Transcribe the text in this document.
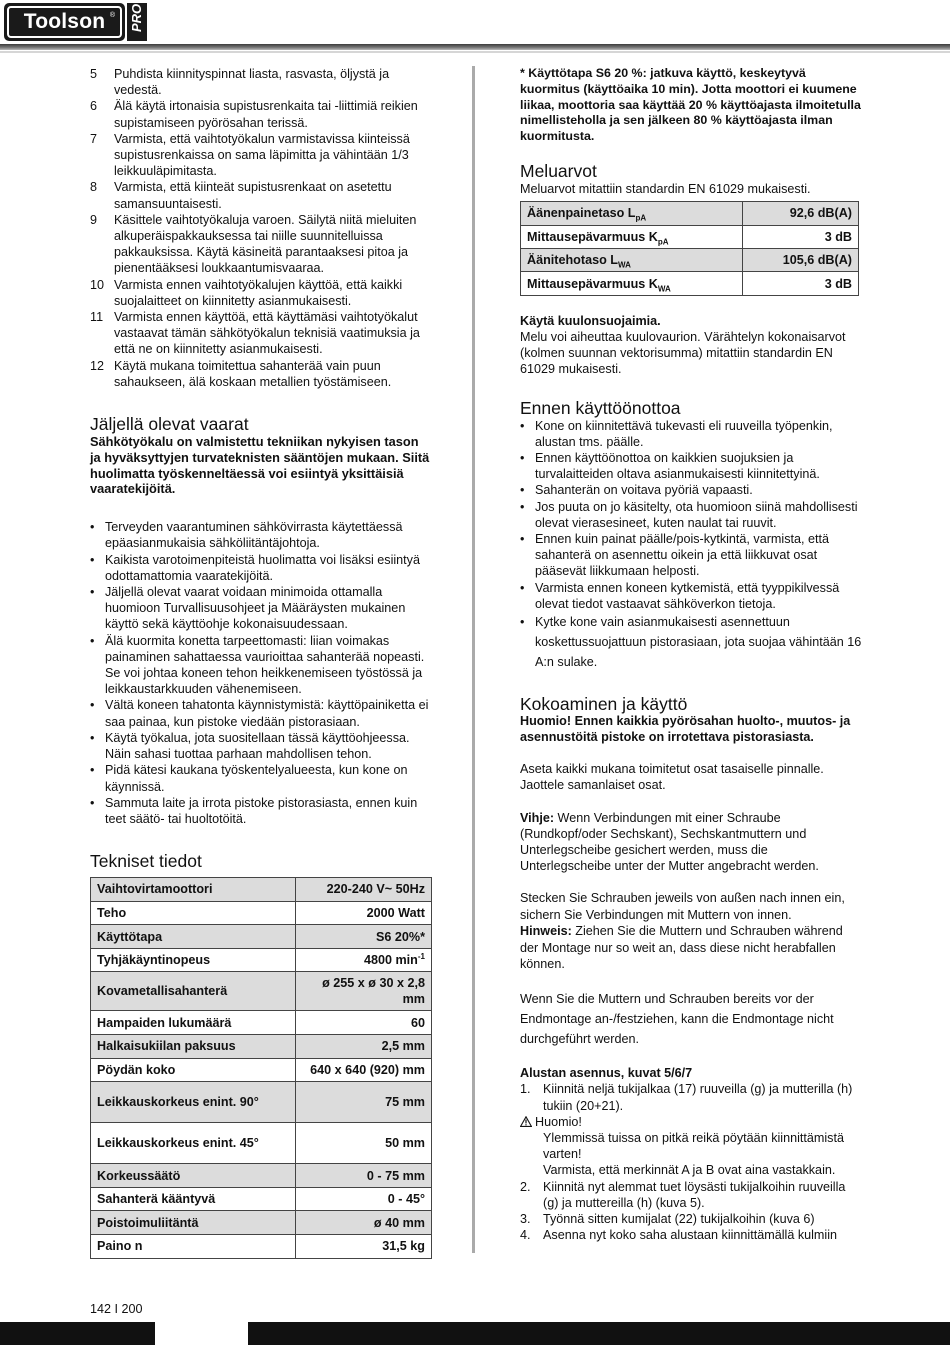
Toolson ® PRO
5 Puhdista kiinnityspinnat liasta, rasvasta, öljystä ja vedestä.
6 Älä käytä irtonaisia supistusrenkaita tai -liittimiä reikien supistamiseen pyörösahan terissä.
7 Varmista, että vaihtotyökalun varmistavissa kiinteissä supistusrenkaissa on sama läpimitta ja vähintään 1/3 leikkuuläpimitasta.
8 Varmista, että kiinteät supistusrenkaat on asetettu samansuuntaisesti.
9 Käsittele vaihtotyökaluja varoen. Säilytä niitä mieluiten alkuperäispakkauksessa tai niille suunnitelluissa pakkauksissa. Käytä käsineitä parantaaksesi pitoa ja pienentääksesi loukkaantumisvaaraa.
10 Varmista ennen vaihtotyökalujen käyttöä, että kaikki suojalaitteet on kiinnitetty asianmukaisesti.
11 Varmista ennen käyttöä, että käyttämäsi vaihtotyökalut vastaavat tämän sähkötyökalun teknisiä vaatimuksia ja että ne on kiinnitetty asianmukaisesti.
12 Käytä mukana toimitettua sahanterää vain puun sahaukseen, älä koskaan metallien työstämiseen.
Jäljellä olevat vaarat

Sähkötyökalu on valmistettu tekniikan nykyisen tason ja hyväksyttyjen turvateknisten sääntöjen mukaan. Siitä huolimatta työskenneltäessä voi esiintyä yksittäisiä vaaratekijöitä.

• Terveyden vaarantuminen sähkövirrasta käytettäessä epäasianmukaisia sähköliitäntäjohtoja.
• Kaikista varotoimenpiteistä huolimatta voi lisäksi esiintyä odottamattomia vaaratekijöitä.
• Jäljellä olevat vaarat voidaan minimoida ottamalla huomioon Turvallisuusohjeet ja Määräysten mukainen käyttö sekä käyttöohje kokonaisuudessaan.
• Älä kuormita konetta tarpeettomasti: liian voimakas painaminen sahattaessa vaurioittaa sahanterää nopeasti. Se voi johtaa koneen tehon heikkenemiseen työstössä ja leikkaustarkkuuden vähenemiseen.
• Vältä koneen tahatonta käynnistymistä: käyttöpainiketta ei saa painaa, kun pistoke viedään pistorasiaan.
• Käytä työkalua, jota suositellaan tässä käyttöohjeessa. Näin sahasi tuottaa parhaan mahdollisen tehon.
• Pidä kätesi kaukana työskentelyalueesta, kun kone on käynnissä.
• Sammuta laite ja irrota pistoke pistorasiasta, ennen kuin teet säätö- tai huoltotöitä.
Tekniset tiedot
Vaihtovirtamoottori	220-240 V~ 50Hz
Teho	2000 Watt
Käyttötapa	S6 20%*
Tyhjäkäyntinopeus	4800 $\min^{-1}$
Kovametallisahanterä	ø 255 x ø 30 x 2,8 mm
Hampaiden lukumäärä	60
Halkaisukiilan paksuus	2,5 mm
Pöydän koko	640 x 640 (920) mm
Leikkauskorkeus enint. 90°	75 mm
Leikkauskorkeus enint. 45°	50 mm
Korkeussäätö	0 - 75 mm
Sahanterä kääntyvä	0 - 45°
Poistoimuliitäntä	ø 40 mm
Paino n	31,5 kg

* Käyttötapa S6 20 %: jatkuva käyttö, keskeytyvä kuormitus (käyttöaika 10 min). Jotta moottori ei kuumene liikaa, moottoria saa käyttää 20 % käyttöajasta ilmoitetulla nimellisteholla ja sen jälkeen 80 % käyttöajasta ilman kuormitusta.

Meluarvot

Meluarvot mitattiin standardin EN 61029 mukaisesti.

Äänenpainetaso $L_{pA}$	92,6 dB(A)
Mittausepävarmuus $K_{pA}$	3 dB
Äänitehotaso $L_{WA}$	105,6 dB(A)
Mittausepävarmuus $K_{WA}$	3 dB

Käytä kuulonsuojaimia.

Melu voi aiheuttaa kuulovaurion. Värähtelyn kokonaisarvot (kolmen suunnan vektorisumma) mitattiin standardin EN 61029 mukaisesti.

Ennen käyttöönottoa
• Kone on kiinnitettävä tukevasti eli ruuveilla työpenkin, alustan tms. päälle.
• Ennen käyttöönottoa on kaikkien suojuksien ja turvalaitteiden oltava asianmukaisesti kiinnitettyinä.
• Sahanterän on voitava pyöriä vapaasti.
• Jos puuta on jo käsitelty, ota huomioon siinä mahdollisesti olevat vierasesineet, kuten naulat tai ruuvit.
• Ennen kuin painat päälle/pois-kytkintä, varmista, että sahanterä on asennettu oikein ja että liikkuvat osat pääsevät liikkumaan helposti.
• Varmista ennen koneen kytkemistä, että tyyppikilvessä olevat tiedot vastaavat sähköverkon tietoja.
• Kytke kone vain asianmukaisesti asennettuun koskettussuojattuun pistorasiaan, jota suojaa vähintään 16 A:n sulake.
Kokoaminen ja käyttö

Huomio! Ennen kaikkia pyörösahan huolto-, muutos- ja asennustöitä pistoke on irrotettava pistorasiasta.

Aseta kaikki mukana toimitetut osat tasaiselle pinnalle. Jaottele samanlaiset osat.

Vihje: Wenn Verbindungen mit einer Schraube (Rundkopf/oder Sechskant), Sechskantmuttern und Unterlegscheibe gesichert werden, muss die Unterlegscheibe unter der Mutter angebracht werden.

Stecken Sie Schrauben jeweils von außen nach innen ein, sichern Sie Verbindungen mit Muttern von innen.

Hinweis: Ziehen Sie die Muttern und Schrauben während der Montage nur so weit an, dass diese nicht herabfallen können.

Wenn Sie die Muttern und Schrauben bereits vor der Endmontage an-/festziehen, kann die Endmontage nicht durchgeführt werden.

Alustan asennus, kuvat 5/6/7

1. Kiinnitä neljä tukijalkaa (17) ruuveilla (g) ja mutterilla (h) tukiin (20+21).
Huomio!
Ylemmissä tuissa on pitkä reikä pöytään kiinnittämistä varten!
Varmista, että merkinnät A ja B ovat aina vastakkain.
2. Kiinnitä nyt alemmat tuet löysästi tukijalkoihin ruuveilla (g) ja muttereilla (h) (kuva 5).
3. Työnnä sitten kumijalat (22) tukijalkoihin (kuva 6)
4. Asenna nyt koko saha alustaan kiinnittämällä kulmiin
142 I 200
